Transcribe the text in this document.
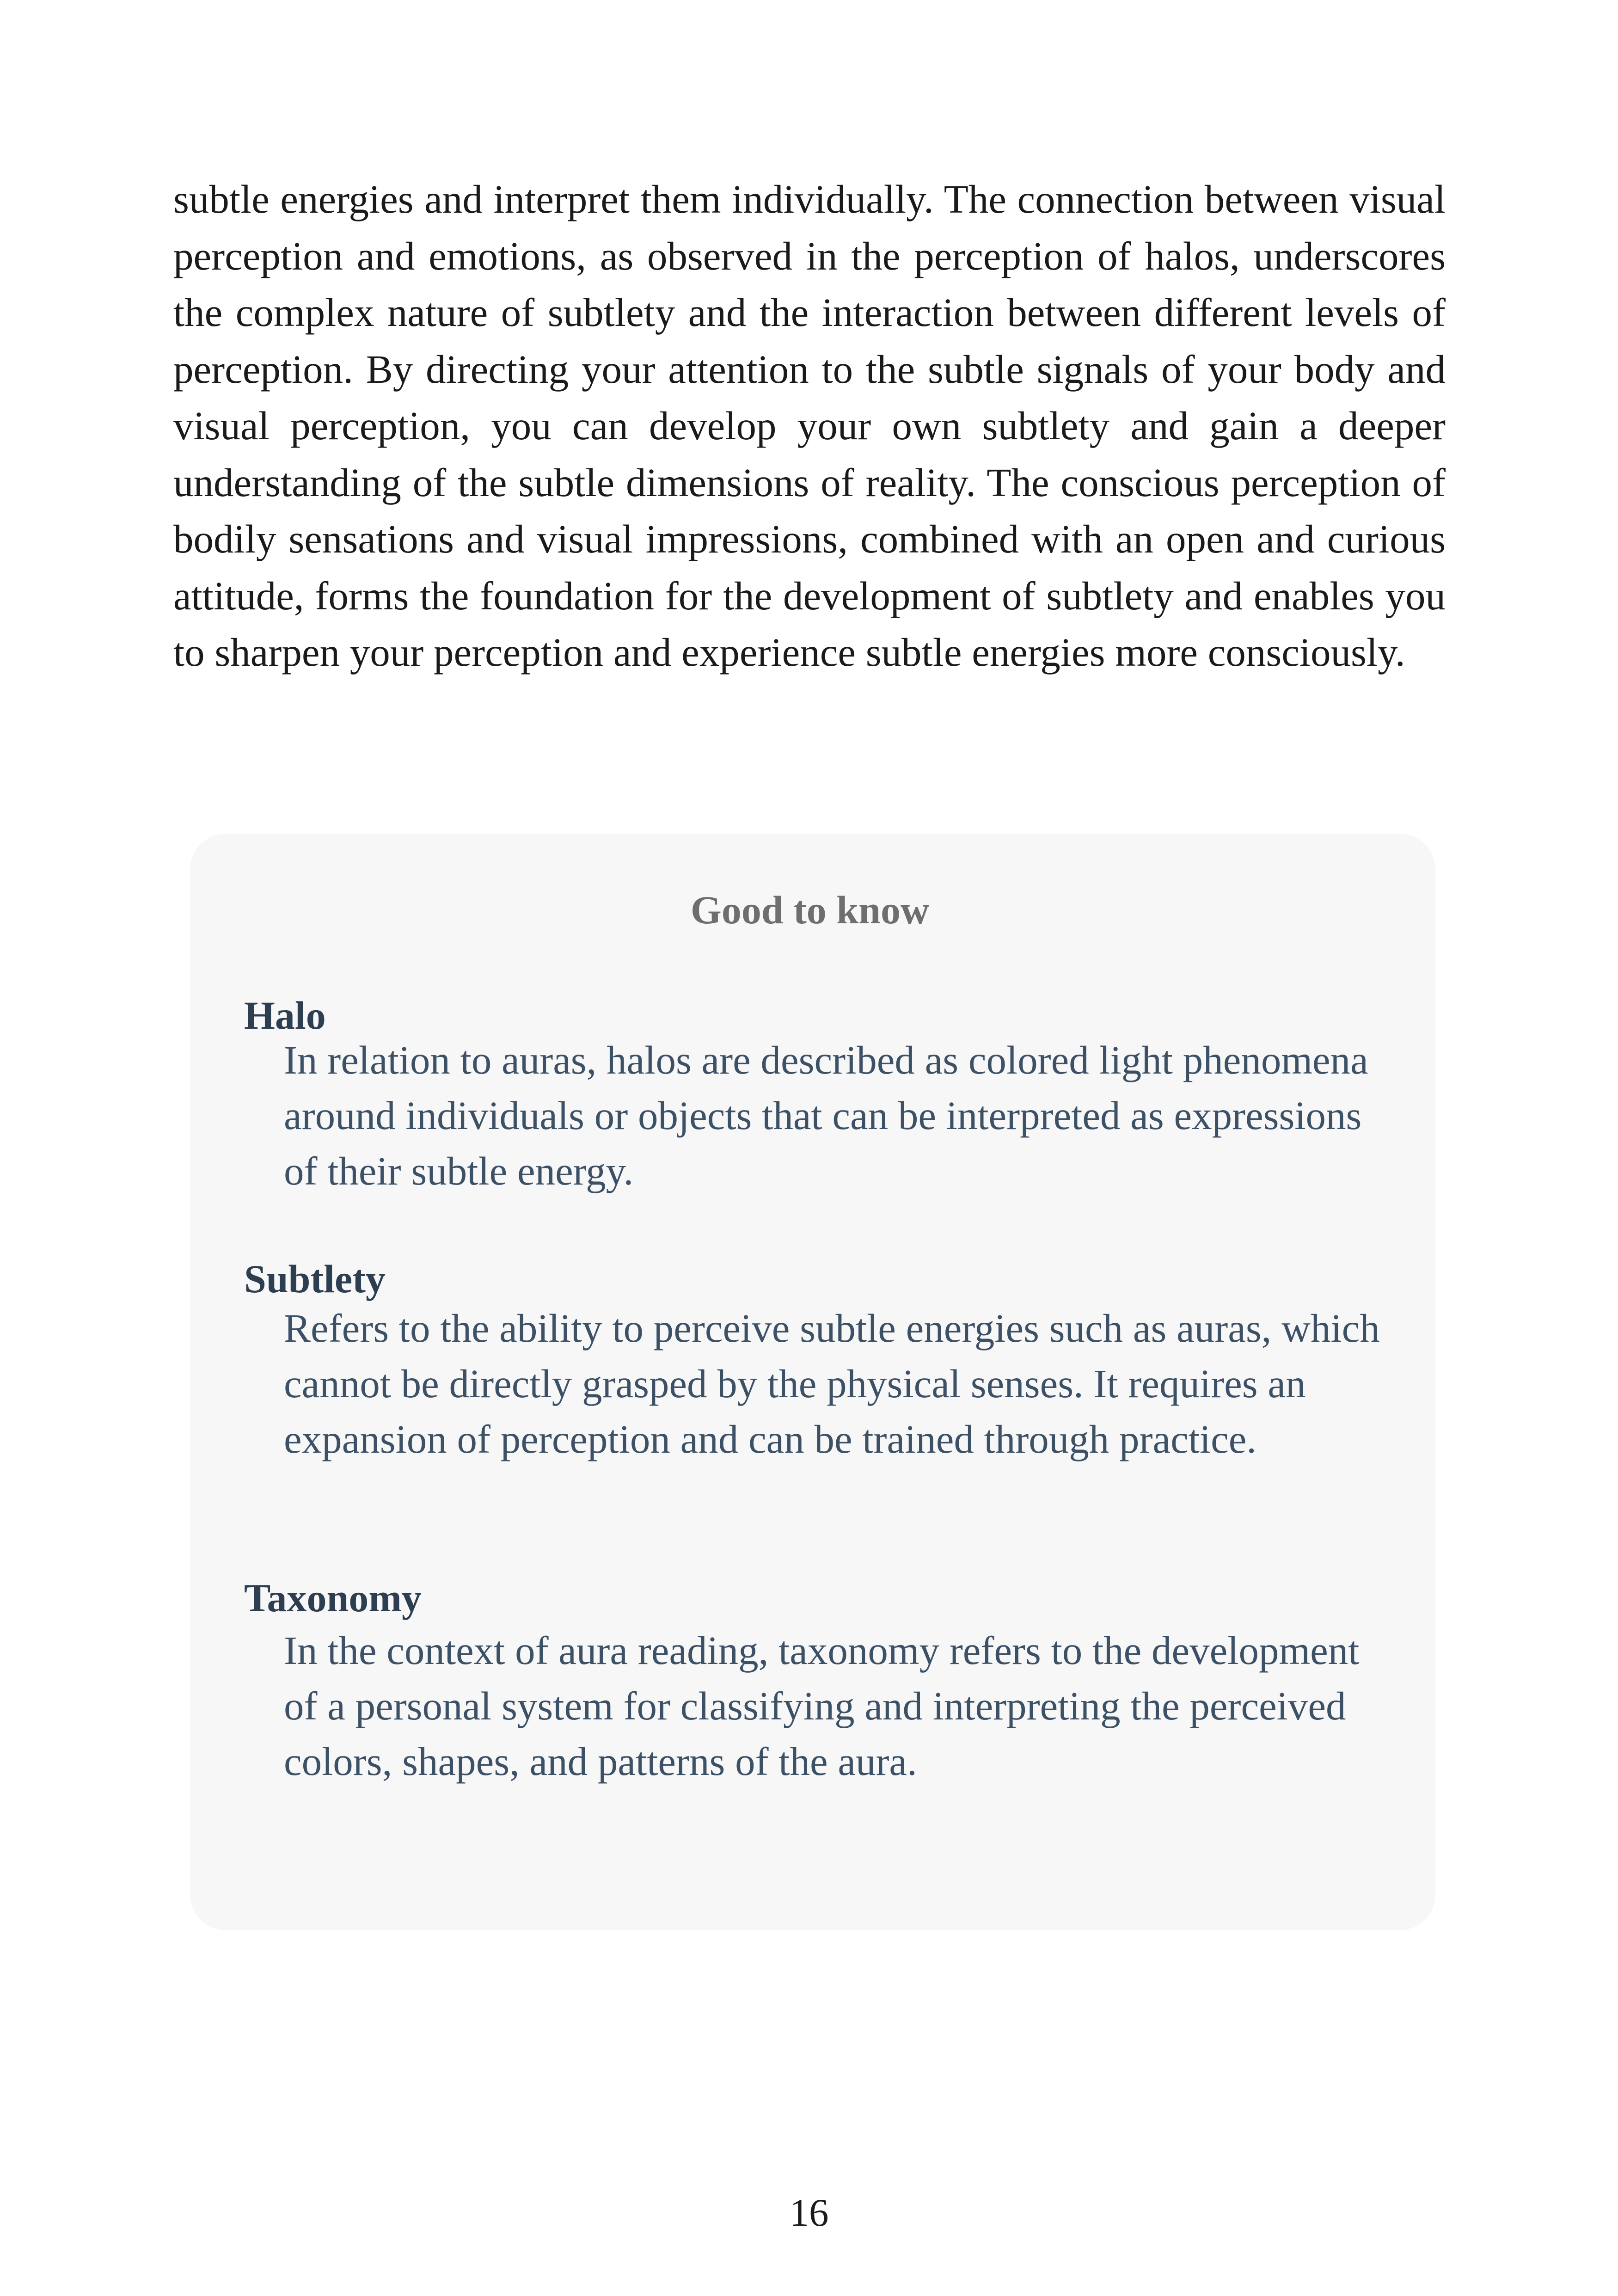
subtle energies and interpret them individually. The connection between visual perception and emotions, as observed in the perception of halos, underscores the complex nature of subtlety and the interaction between different levels of perception. By directing your attention to the subtle signals of your body and visual perception, you can develop your own subtlety and gain a deeper understanding of the subtle dimensions of reality. The conscious perception of bodily sensations and visual impressions, combined with an open and curious attitude, forms the foundation for the development of subtlety and enables you to sharpen your perception and experience subtle energies more consciously.

Good to know
Halo

In relation to auras, halos are described as colored light phenomena around individuals or objects that can be interpreted as expressions of their subtle energy.

Subtlety

Refers to the ability to perceive subtle energies such as auras, which cannot be directly grasped by the physical senses. It requires an expansion of perception and can be trained through practice.

Taxonomy

In the context of aura reading, taxonomy refers to the development of a personal system for classifying and interpreting the perceived colors, shapes, and patterns of the aura.

16
